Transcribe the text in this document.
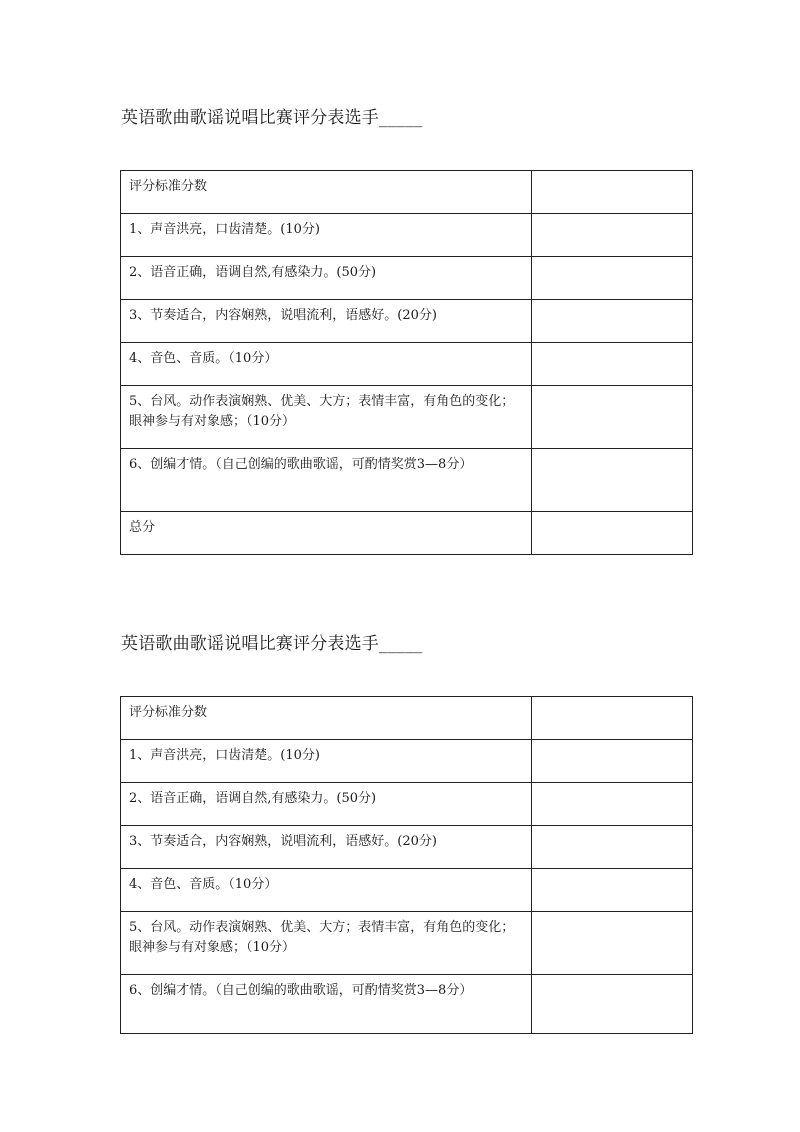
英语歌曲歌谣说唱比赛评分表选手_____
评分标准分数	
1、声音洪亮，口齿清楚。(10分)	
2、语音正确，语调自然,有感染力。(50分)	
3、节奏适合，内容娴熟，说唱流利，语感好。(20分)	
4、音色、音质。（10分）	
5、台风。动作表演娴熟、优美、大方；表情丰富，有角色的变化；眼神参与有对象感；（10分）	
6、创编才情。（自己创编的歌曲歌谣，可酌情奖赏3—8分）	
总分	
英语歌曲歌谣说唱比赛评分表选手_____
评分标准分数	
1、声音洪亮，口齿清楚。(10分)	
2、语音正确，语调自然,有感染力。(50分)	
3、节奏适合，内容娴熟，说唱流利，语感好。(20分)	
4、音色、音质。（10分）	
5、台风。动作表演娴熟、优美、大方；表情丰富，有角色的变化；眼神参与有对象感；（10分）	
6、创编才情。（自己创编的歌曲歌谣，可酌情奖赏3—8分）	
